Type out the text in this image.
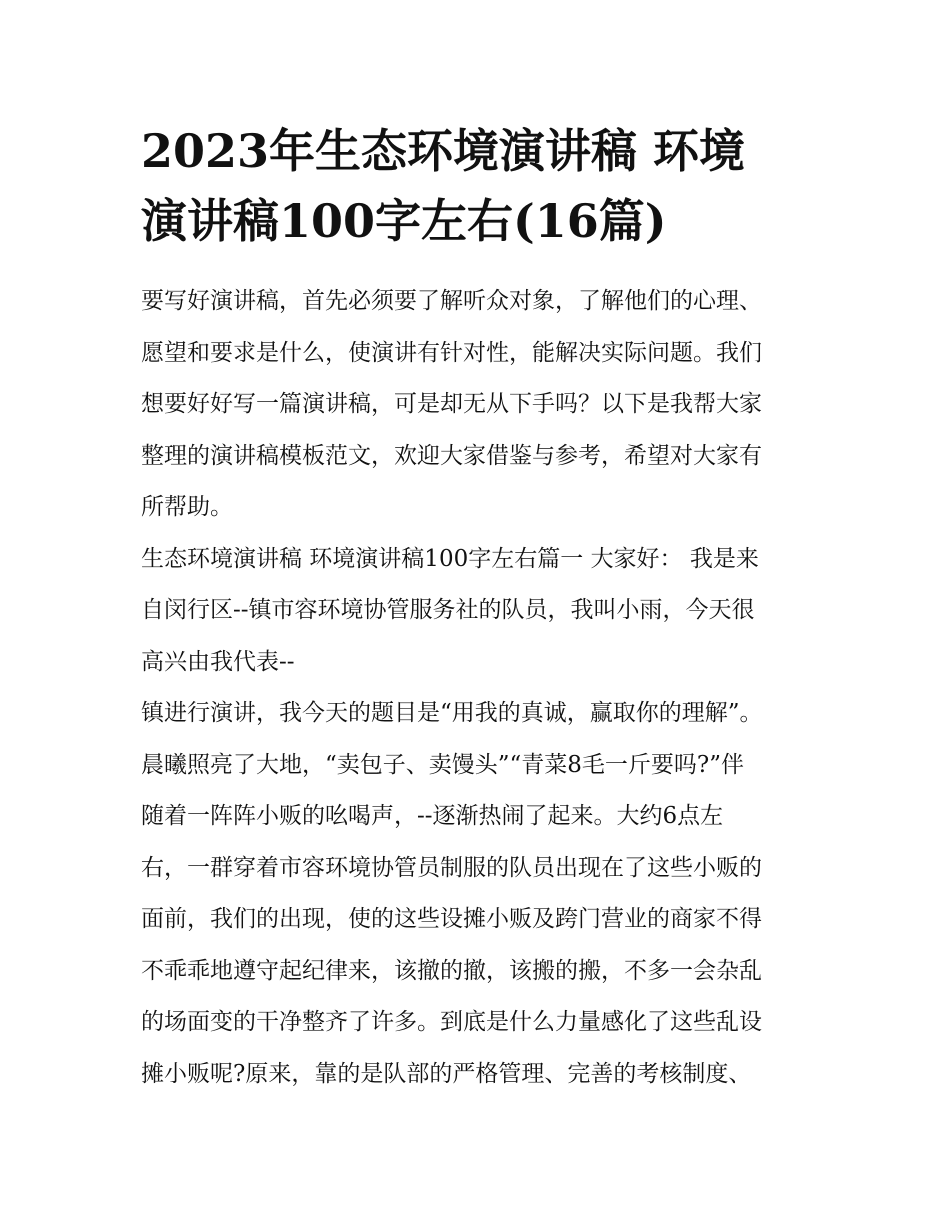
2023年生态环境演讲稿 环境
演讲稿100字左右(16篇)
要写好演讲稿，首先必须要了解听众对象，了解他们的心理、
愿望和要求是什么，使演讲有针对性，能解决实际问题。我们
想要好好写一篇演讲稿，可是却无从下手吗？以下是我帮大家
整理的演讲稿模板范文，欢迎大家借鉴与参考，希望对大家有
所帮助。
生态环境演讲稿 环境演讲稿100字左右篇一 大家好： 我是来
自闵行区--镇市容环境协管服务社的队员，我叫小雨，今天很
高兴由我代表--
镇进行演讲，我今天的题目是“用我的真诚，赢取你的理解”。
晨曦照亮了大地，“卖包子、卖馒头”“青菜8毛一斤要吗?”伴
随着一阵阵小贩的吆喝声，--逐渐热闹了起来。大约6点左
右，一群穿着市容环境协管员制服的队员出现在了这些小贩的
面前，我们的出现，使的这些设摊小贩及跨门营业的商家不得
不乖乖地遵守起纪律来，该撤的撤，该搬的搬，不多一会杂乱
的场面变的干净整齐了许多。到底是什么力量感化了这些乱设
摊小贩呢?原来，靠的是队部的严格管理、完善的考核制度、
